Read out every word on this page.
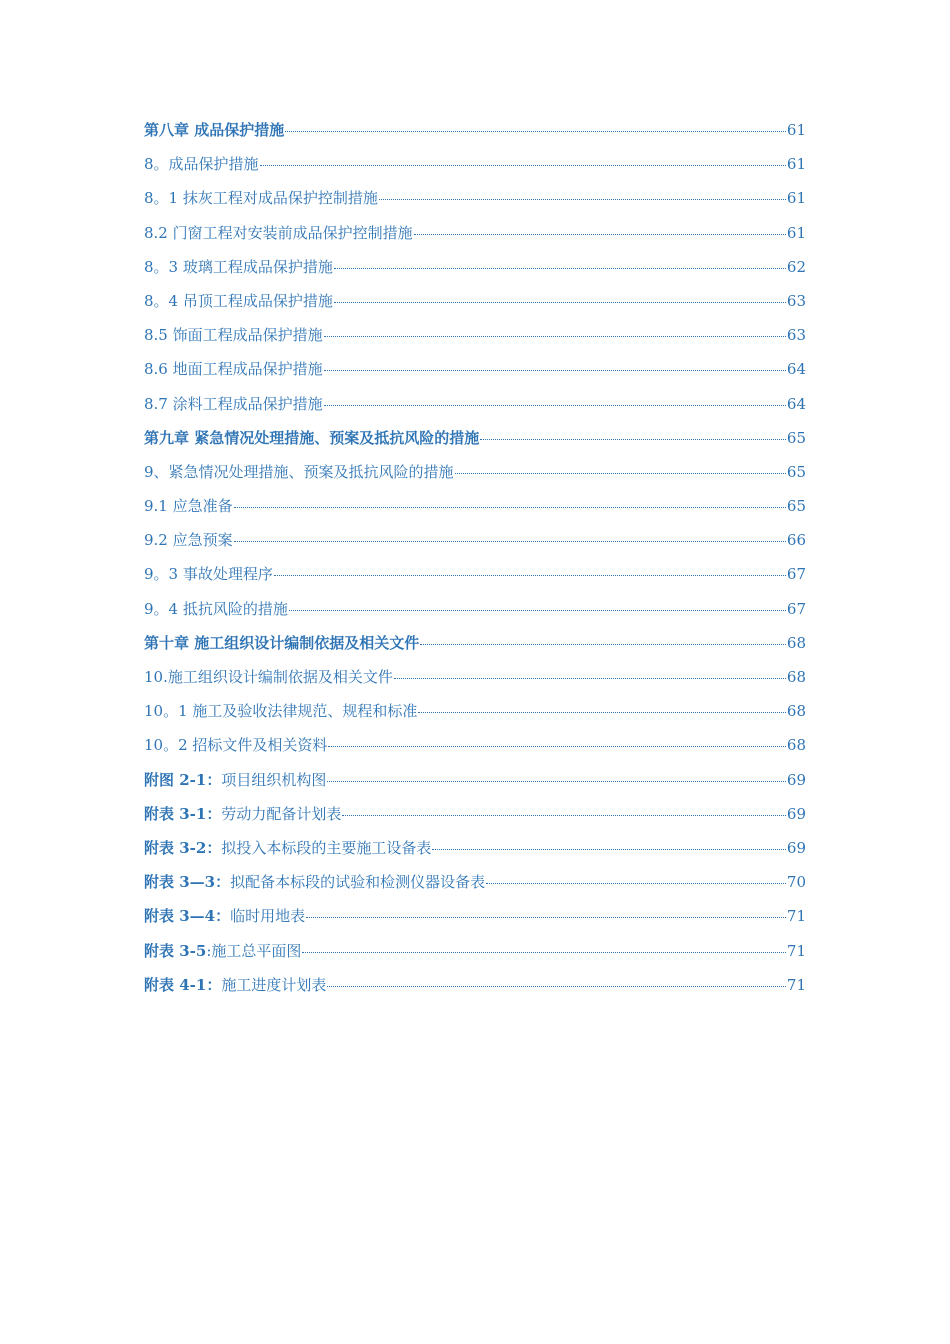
第八章 成品保护措施	61
8。成品保护措施	61
8。1 抹灰工程对成品保护控制措施	61
8.2 门窗工程对安装前成品保护控制措施	61
8。3 玻璃工程成品保护措施	62
8。4 吊顶工程成品保护措施	63
8.5 饰面工程成品保护措施	63
8.6 地面工程成品保护措施	64
8.7 涂料工程成品保护措施	64
第九章 紧急情况处理措施、预案及抵抗风险的措施	65
9、紧急情况处理措施、预案及抵抗风险的措施	65
9.1 应急准备	65
9.2 应急预案	66
9。3 事故处理程序	67
9。4 抵抗风险的措施	67
第十章 施工组织设计编制依据及相关文件	68
10.施工组织设计编制依据及相关文件	68
10。1 施工及验收法律规范、规程和标准	68
10。2 招标文件及相关资料	68
附图 2-1：项目组织机构图	69
附表 3-1：劳动力配备计划表	69
附表 3-2：拟投入本标段的主要施工设备表	69
附表 3—3：拟配备本标段的试验和检测仪器设备表	70
附表 3—4：临时用地表	71
附表 3-5:施工总平面图	71
附表 4-1：施工进度计划表	71
